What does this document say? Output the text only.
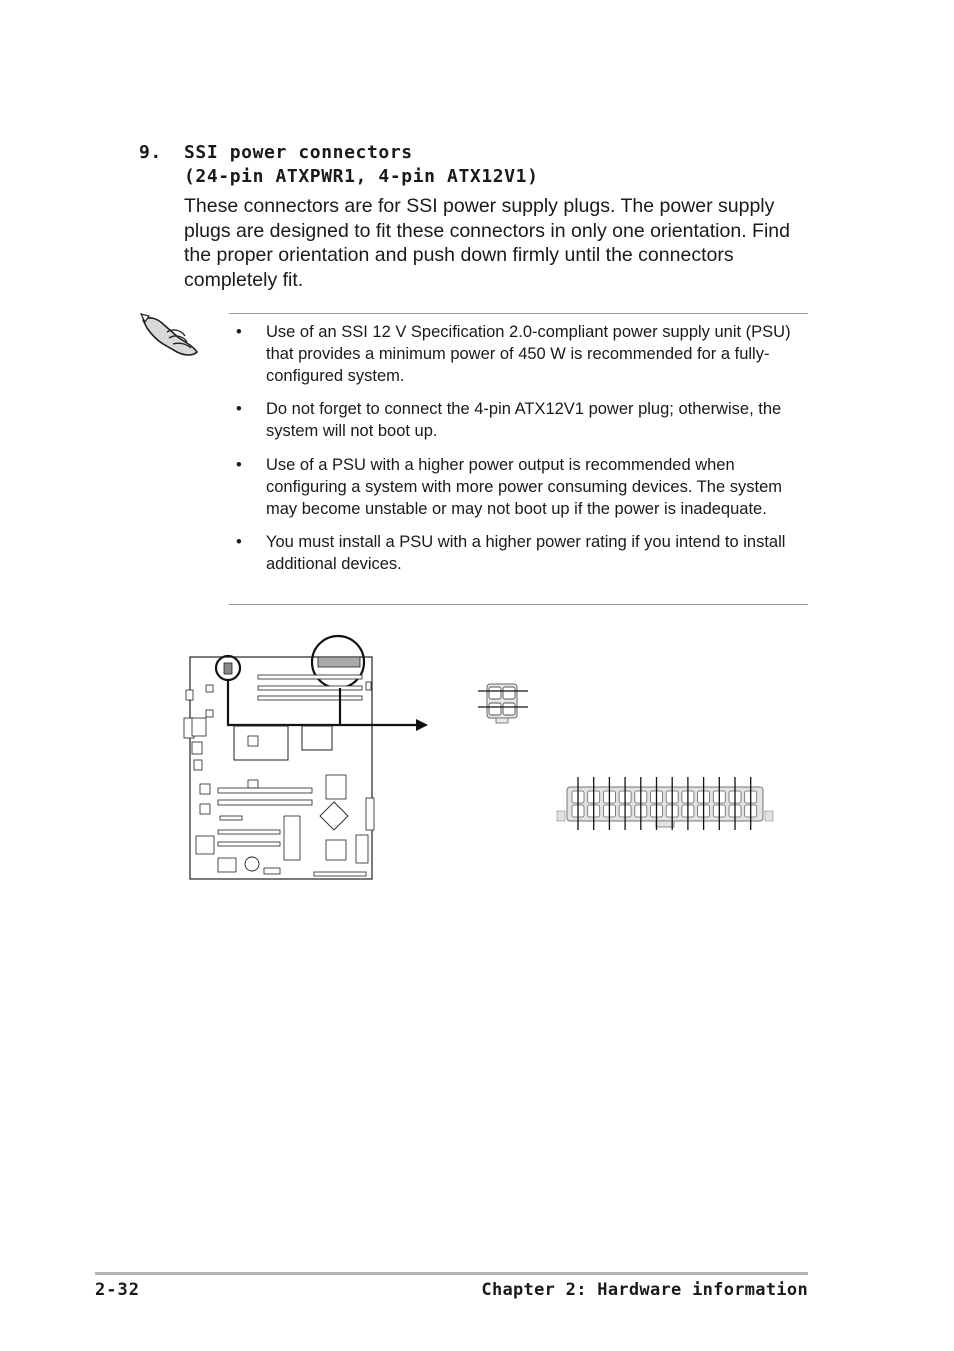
9. SSI power connectors
(24-pin ATXPWR1, 4-pin ATX12V1)

These connectors are for SSI power supply plugs. The power supply plugs are designed to fit these connectors in only one orientation. Find the proper orientation and push down firmly until the connectors completely fit.

• Use of an SSI 12 V Specification 2.0-compliant power supply unit (PSU) that provides a minimum power of 450 W is recommended for a fully-configured system.
• Do not forget to connect the 4-pin ATX12V1 power plug; otherwise, the system will not boot up.
• Use of a PSU with a higher power output is recommended when configuring a system with more power consuming devices. The system may become unstable or may not boot up if the power is inadequate.
• You must install a PSU with a higher power rating if you intend to install additional devices.
2-32	Chapter 2: Hardware information
